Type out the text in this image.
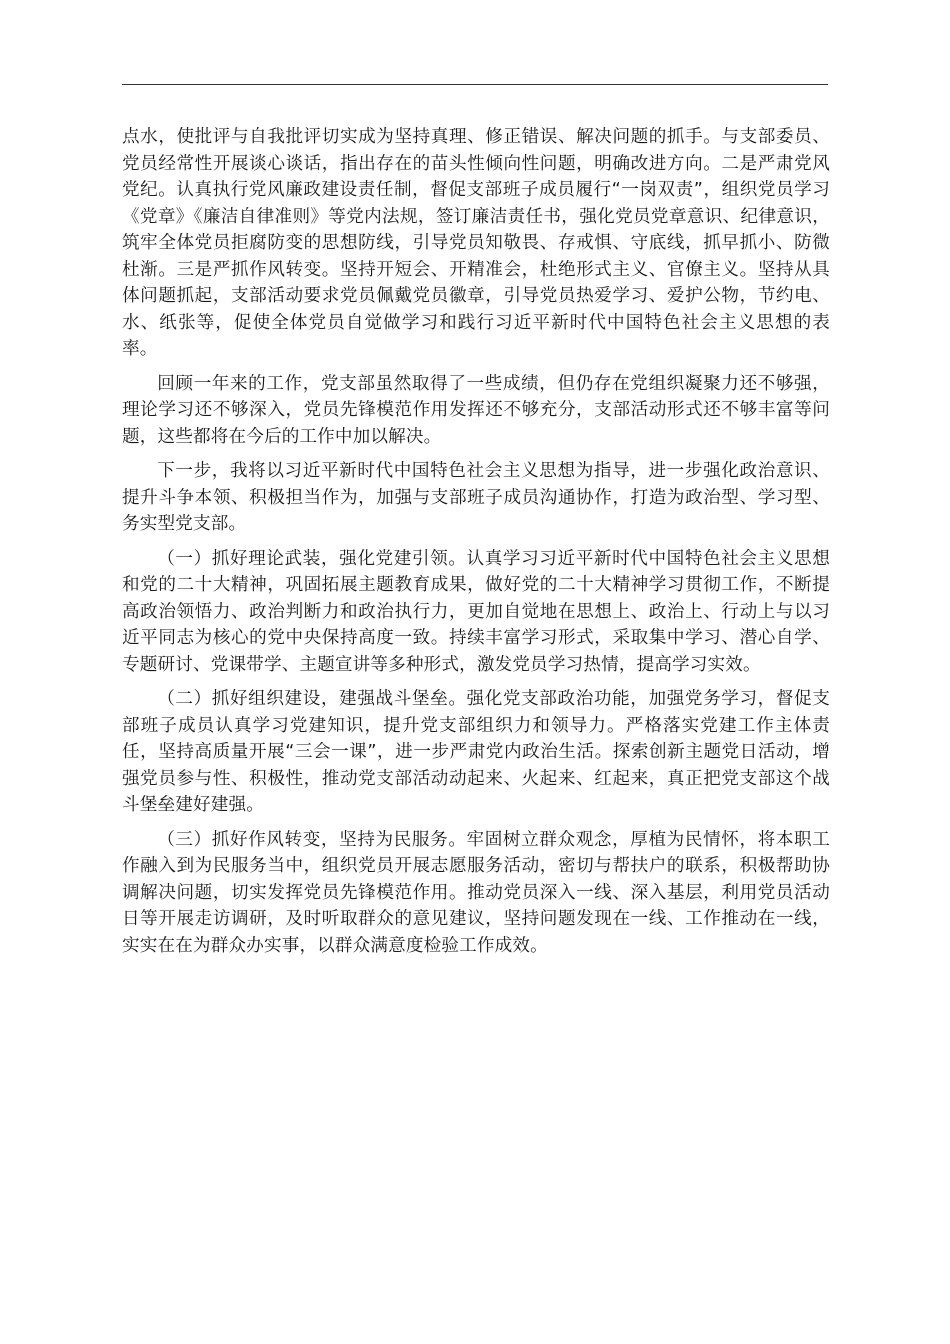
点水，使批评与自我批评切实成为坚持真理、修正错误、解决问题的抓手。与支部委员、党员经常性开展谈心谈话，指出存在的苗头性倾向性问题，明确改进方向。二是严肃党风党纪。认真执行党风廉政建设责任制，督促支部班子成员履行“一岗双责”，组织党员学习《党章》《廉洁自律准则》等党内法规，签订廉洁责任书，强化党员党章意识、纪律意识，筑牢全体党员拒腐防变的思想防线，引导党员知敬畏、存戒惧、守底线，抓早抓小、防微杜渐。三是严抓作风转变。坚持开短会、开精准会，杜绝形式主义、官僚主义。坚持从具体问题抓起，支部活动要求党员佩戴党员徽章，引导党员热爱学习、爱护公物，节约电、水、纸张等，促使全体党员自觉做学习和践行习近平新时代中国特色社会主义思想的表率。

回顾一年来的工作，党支部虽然取得了一些成绩，但仍存在党组织凝聚力还不够强，理论学习还不够深入，党员先锋模范作用发挥还不够充分，支部活动形式还不够丰富等问题，这些都将在今后的工作中加以解决。

下一步，我将以习近平新时代中国特色社会主义思想为指导，进一步强化政治意识、提升斗争本领、积极担当作为，加强与支部班子成员沟通协作，打造为政治型、学习型、务实型党支部。

（一）抓好理论武装，强化党建引领。认真学习习近平新时代中国特色社会主义思想和党的二十大精神，巩固拓展主题教育成果，做好党的二十大精神学习贯彻工作，不断提高政治领悟力、政治判断力和政治执行力，更加自觉地在思想上、政治上、行动上与以习近平同志为核心的党中央保持高度一致。持续丰富学习形式，采取集中学习、潜心自学、专题研讨、党课带学、主题宣讲等多种形式，激发党员学习热情，提高学习实效。

（二）抓好组织建设，建强战斗堡垒。强化党支部政治功能，加强党务学习，督促支部班子成员认真学习党建知识，提升党支部组织力和领导力。严格落实党建工作主体责任，坚持高质量开展“三会一课”，进一步严肃党内政治生活。探索创新主题党日活动，增强党员参与性、积极性，推动党支部活动动起来、火起来、红起来，真正把党支部这个战斗堡垒建好建强。

（三）抓好作风转变，坚持为民服务。牢固树立群众观念，厚植为民情怀，将本职工作融入到为民服务当中，组织党员开展志愿服务活动，密切与帮扶户的联系，积极帮助协调解决问题，切实发挥党员先锋模范作用。推动党员深入一线、深入基层，利用党员活动日等开展走访调研，及时听取群众的意见建议，坚持问题发现在一线、工作推动在一线，实实在在为群众办实事，以群众满意度检验工作成效。
